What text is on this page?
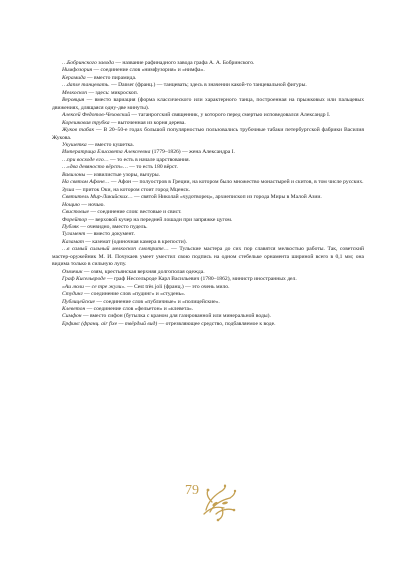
…Бобринского завода — название рафинадного завода графа А. А. Бобринского.

Нимфозория — соединение слов «нимфузория» и «нимфа».

Керамида — вместо пирамида.

…danse танцевать. — Danser (франц.) — танцевать; здесь в значении какой-то танцевальной фигуры.

Мелкоскоп — здесь: микроскоп.

Верояция — вместо вариация (форма классического или характерного танца, построенная на прыжковых или пальцевых движениях, длящаяся одну-две минуты).

Алексей Федотов-Чеховский — таганрогский священник, у которого перед смертью исповедовался Александр I.

Корешковая трубка — выточенная из корня дерева.

Жуков табак — В 20–50-е годах большой популярностью пользовались трубочные табаки петербургской фабрики Василия Жукова.

Укушетка — вместо кушетка.

Императрица Елисавета Алексеевна (1779–1826) — жена Александра I.

…при восходе его… — то есть в начале царствования.

…«два девяносто вёрст»… — то есть 180 вёрст.

Вавилоны — извилистые узоры, вычуры.

На святом Афоне… — Афон — полуостров в Греции, на котором было множество монастырей и скитов, в том числе русских.

Зуша — приток Оки, на котором стоит город Мценск.

Святитель Мир-Ликийских… — святой Николай «чудотворец», архиепископ из города Миры в Малой Азии.

Нощию — ночью.

Свистовые — соединение слов: вестовые и свист.

Форейтор — верховой кучер на передней лошади при запряжке цугом.

Публяк — очевидно, вместо пудель.

Тугамент — вместо документ.

Казамат — каземат (одиночная камера в крепости).

…в самый сильный мелкоскоп смотрите… — Тульские мастера до сих пор славятся мелкостью работы. Так, советский мастер-оружейник М. И. Почукаев умеет уместил свою подпись на одном стебельке орнамента шириной всего в 0,1 мм; она видима только в сильную лупу.

Озямчик — озям, крестьянская верхняя долгополая одежда.

Граф Кисельвроде — граф Нессельроде Карл Васильевич (1780–1862), министр иностранных дел.

«Аи люли — се тре жули». — Cest très joli (франц.) — это очень мило.

Студинг — соединение слов «пудинг» и «студень».

Публицейские — соединение слов «публичные» и «полицейские».

Клеветон — соединение слов «фельетон» и «клевета».

Симфон — вместо сифон (бутылка с краном для газированной или минеральной воды).

Ерфикс (франц. air fixe — твёрдый вид) — отрезвляющее средство, подбавляемое к воде.

79
